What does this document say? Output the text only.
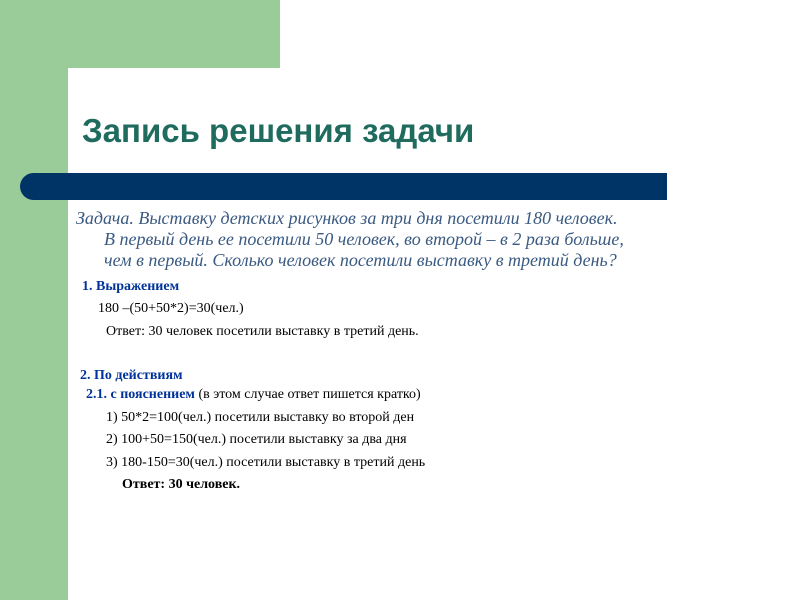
Запись решения задачи
Задача. Выставку детских рисунков за три дня посетили 180 человек.
В первый день ее посетили 50 человек, во второй – в 2 раза больше,
чем в первый. Сколько человек посетили выставку в третий день?

1. Выражением

180 –(50+50*2)=30(чел.)

Ответ: 30 человек посетили выставку в третий день.

2. По действиям

2.1. с пояснением (в этом случае ответ пишется кратко)

1) 50*2=100(чел.) посетили выставку во второй ден

2) 100+50=150(чел.) посетили выставку за два дня

3) 180-150=30(чел.) посетили выставку в третий день

Ответ: 30 человек.
